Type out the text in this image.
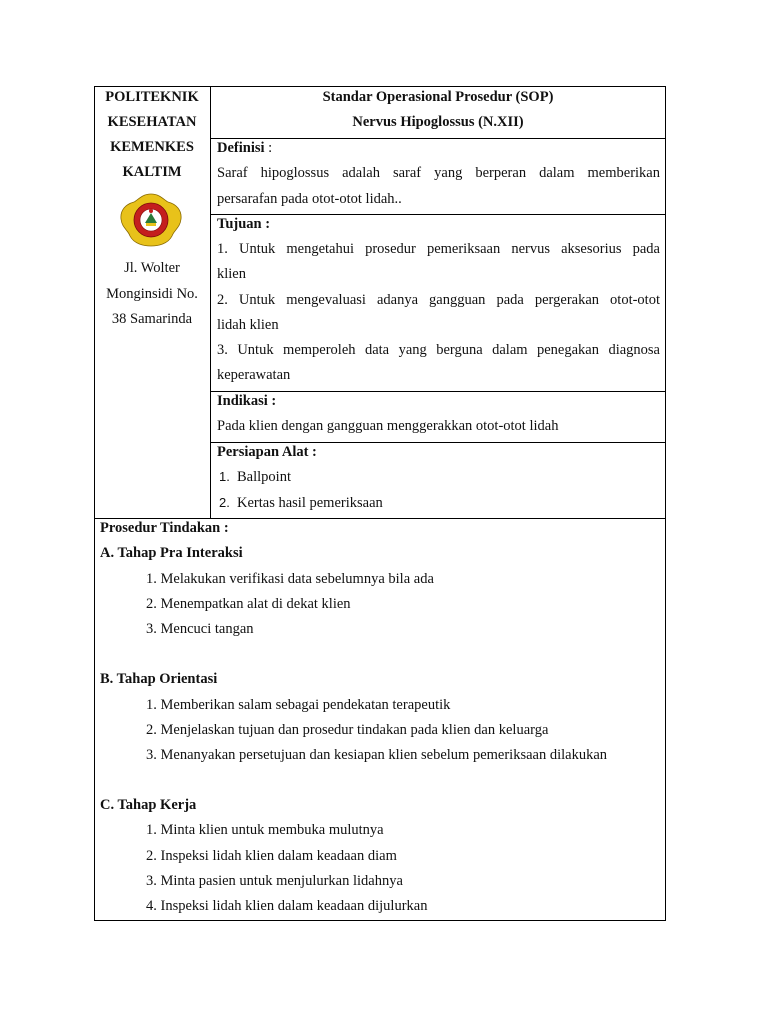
POLITEKNIK
KESEHATAN
KEMENKES
KALTIM
Jl. Wolter
Monginsidi No.
38 Samarinda
Standar Operasional Prosedur (SOP)
Nervus Hipoglossus (N.XII)
Definisi :
Saraf hipoglossus adalah saraf yang berperan dalam memberikan
persarafan pada otot-otot lidah..
Tujuan :
1. Untuk mengetahui prosedur pemeriksaan nervus aksesorius pada
klien
2. Untuk mengevaluasi adanya gangguan pada pergerakan otot-otot
lidah klien
3. Untuk memperoleh data yang berguna dalam penegakan diagnosa
keperawatan
Indikasi :
Pada klien dengan gangguan menggerakkan otot-otot lidah
Persiapan Alat :
1. Ballpoint
2. Kertas hasil pemeriksaan
Prosedur Tindakan :
A. Tahap Pra Interaksi
1. Melakukan verifikasi data sebelumnya bila ada
2. Menempatkan alat di dekat klien
3. Mencuci tangan
B. Tahap Orientasi
1. Memberikan salam sebagai pendekatan terapeutik
2. Menjelaskan tujuan dan prosedur tindakan pada klien dan keluarga
3. Menanyakan persetujuan dan kesiapan klien sebelum pemeriksaan dilakukan
C. Tahap Kerja
1. Minta klien untuk membuka mulutnya
2. Inspeksi lidah klien dalam keadaan diam
3. Minta pasien untuk menjulurkan lidahnya
4. Inspeksi lidah klien dalam keadaan dijulurkan
